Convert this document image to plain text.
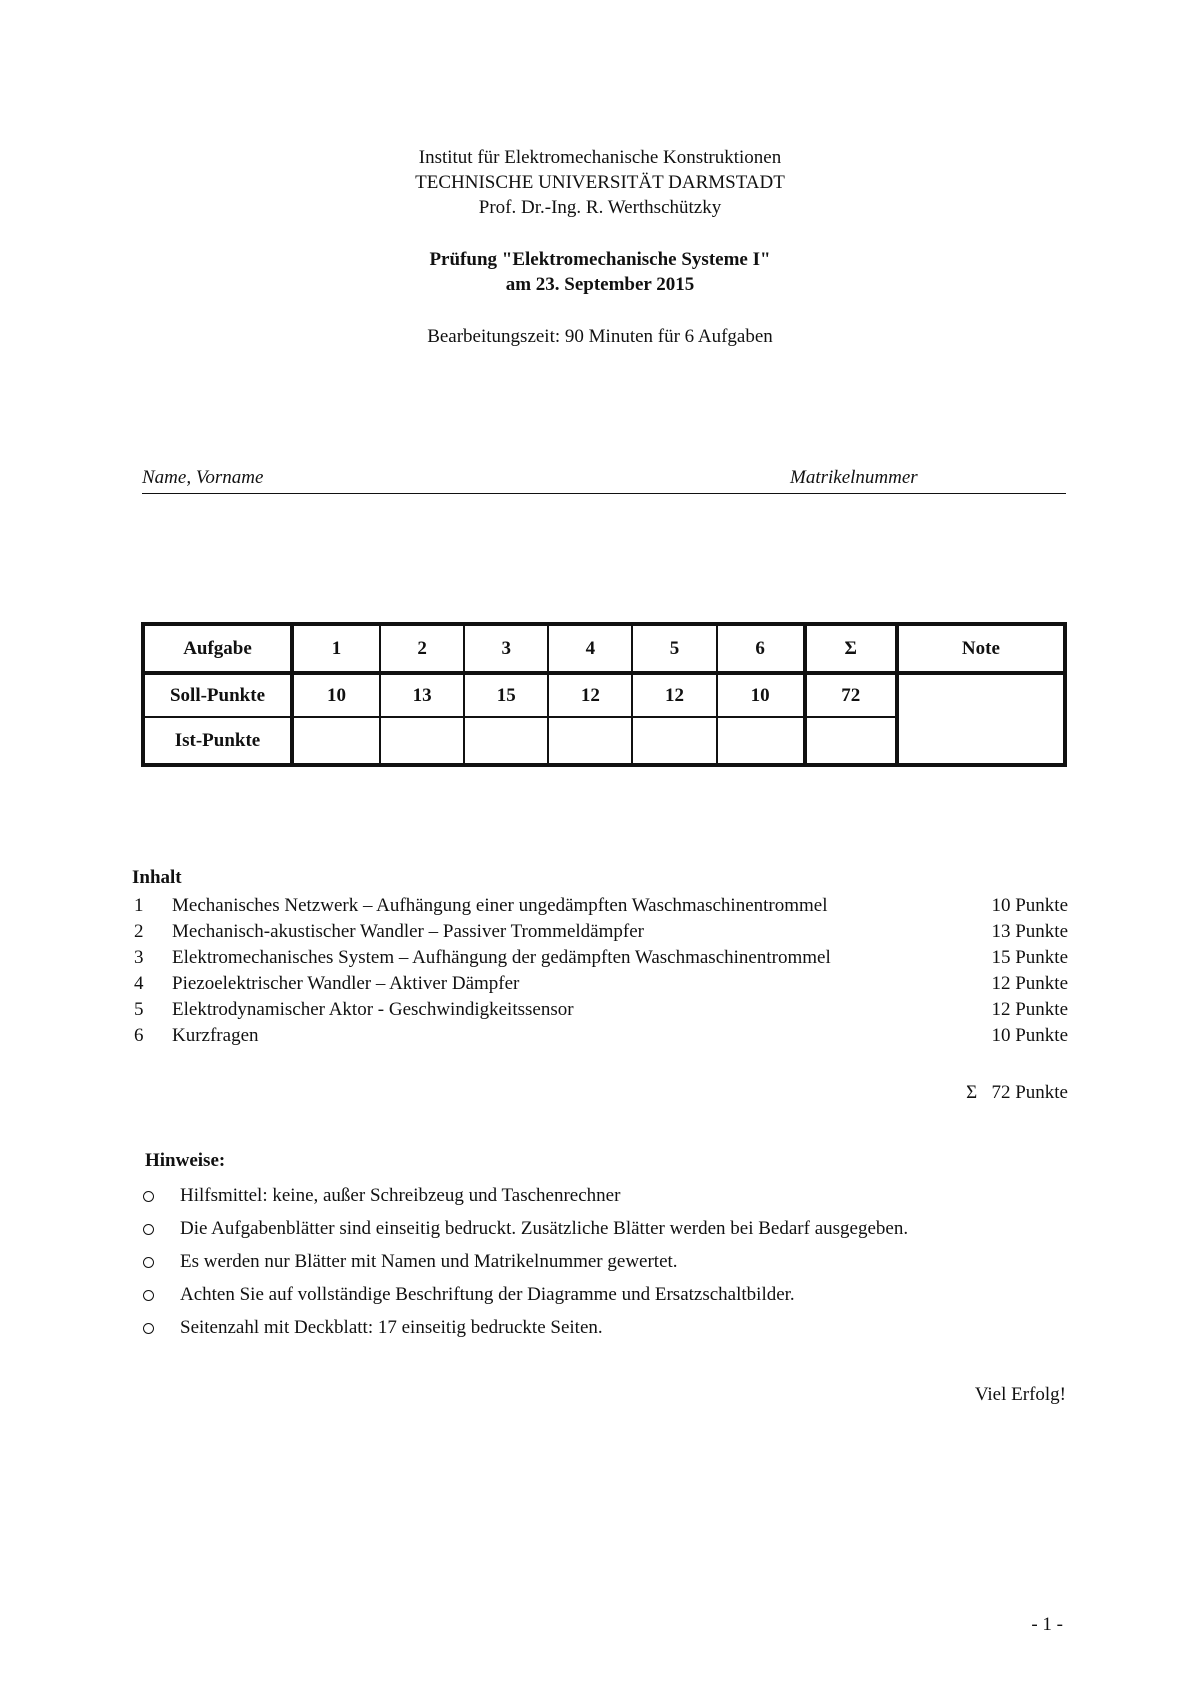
Institut für Elektromechanische Konstruktionen
TECHNISCHE UNIVERSITÄT DARMSTADT
Prof. Dr.-Ing. R. Werthschützky
Prüfung "Elektromechanische Systeme I"
am 23. September 2015
Bearbeitungszeit: 90 Minuten für 6 Aufgaben
Name, Vorname	Matrikelnummer
Aufgabe	1	2	3	4	5	6	Σ	Note
Soll-Punkte	10	13	15	12	12	10	72	
Ist-Punkte								
Inhalt
1 Mechanisches Netzwerk – Aufhängung einer ungedämpften Waschmaschinentrommel	10 Punkte
2 Mechanisch-akustischer Wandler – Passiver Trommeldämpfer	13 Punkte
3 Elektromechanisches System – Aufhängung der gedämpften Waschmaschinentrommel	15 Punkte
4 Piezoelektrischer Wandler – Aktiver Dämpfer	12 Punkte
5 Elektrodynamischer Aktor - Geschwindigkeitssensor	12 Punkte
6 Kurzfragen	10 Punkte
Σ   72 Punkte
Hinweise:
Hilfsmittel: keine, außer Schreibzeug und Taschenrechner
Die Aufgabenblätter sind einseitig bedruckt. Zusätzliche Blätter werden bei Bedarf ausgegeben.
Es werden nur Blätter mit Namen und Matrikelnummer gewertet.
Achten Sie auf vollständige Beschriftung der Diagramme und Ersatzschaltbilder.
Seitenzahl mit Deckblatt: 17 einseitig bedruckte Seiten.
Viel Erfolg!
- 1 -
